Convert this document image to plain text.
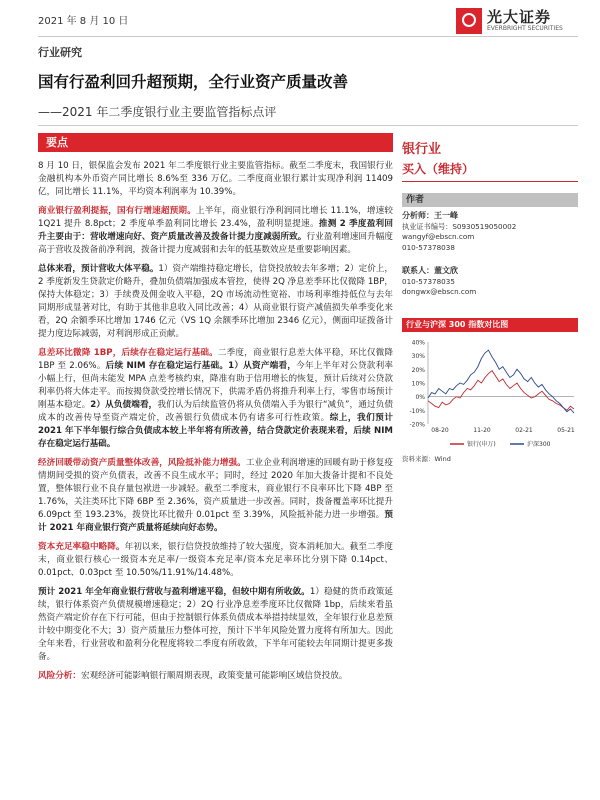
2021 年 8 月 10 日	光大证券
EVERBRIGHT SECURITIES
行业研究
国有行盈利回升超预期，全行业资产质量改善
——2021 年二季度银行业主要监管指标点评
要点

8 月 10 日，银保监会发布 2021 年二季度银行业主要监管指标。截至二季度末，我国银行业金融机构本外币资产同比增长 8.6%至 336 万亿。二季度商业银行累计实现净利润 11409 亿，同比增长 11.1%，平均资本利润率为 10.39%。

商业银行盈利提振，国有行增速超预期。上半年，商业银行净利润同比增长 11.1%，增速较 1Q21 提升 8.8pct；2 季度单季盈利同比增长 23.4%，盈利明显提速。推测 2 季度盈利回升主要由于：营收增速向好、资产质量改善及拨备计提力度减弱所致。行业盈利增速回升幅度高于营收及拨备前净利润，拨备计提力度减弱和去年的低基数效应是重要影响因素。

总体来看，预计营收大体平稳。1）资产端维持稳定增长，信贷投放较去年多增；2）定价上，2 季度新发生贷款定价略升，叠加负债端加强成本管控，使得 2Q 净息差季环比仅微降 1BP，保持大体稳定；3）手续费及佣金收入平稳，2Q 市场流动性宽裕、市场利率维持低位与去年同期形成显著对比，有助于其他非息收入同比改善；4）从商业银行资产减值损失单季变化来看，2Q 余额季环比增加 1746 亿元（VS 1Q 余额季环比增加 2346 亿元），侧面印证拨备计提力度边际减弱，对利润形成正贡献。

息差环比微降 1BP，后续存在稳定运行基础。二季度，商业银行息差大体平稳，环比仅微降 1BP 至 2.06%。后续 NIM 存在稳定运行基础。1）从资产端看，今年上半年对公贷款利率小幅上行，但尚未能发 MPA 点差考核约束，降准有助于信用增长的恢复，预计后续对公贷款利率仍将大体走平。而按揭贷款受控增长情况下，供需矛盾仍将推升利率上行，零售市场预计刚基本稳定。2）从负债端看，我们认为后续监管仍将从负债端入手为银行“减负”，通过负债成本的改善传导至资产端定价，改善银行负债成本仍有诸多可行性政策。综上，我们预计 2021 年下半年银行综合负债成本较上半年将有所改善，结合贷款定价表现来看，后续 NIM 存在稳定运行基础。

经济回暖带动资产质量整体改善，风险抵补能力增强。工业企业利润增速的回暖有助于修复疫情期间受损的资产负债表，改善不良生成水平；同时，经过 2020 年加大拨备计提和不良处置，整体银行业不良存量包袱进一步减轻。截至二季度末，商业银行不良率环比下降 4BP 至 1.76%，关注类环比下降 6BP 至 2.36%，资产质量进一步改善。同时，拨备覆盖率环比提升 6.09pct 至 193.23%，拨贷比环比微升 0.01pct 至 3.39%，风险抵补能力进一步增强。预计 2021 年商业银行资产质量将延续向好态势。

资本充足率稳中略降。年初以来，银行信贷投放维持了较大强度，资本消耗加大。截至二季度末，商业银行核心一级资本充足率/一级资本充足率/资本充足率环比分别下降 0.14pct、0.01pct、0.03pct 至 10.50%/11.91%/14.48%。

预计 2021 年全年商业银行营收与盈利增速平稳，但较中期有所收敛。1）稳健的货币政策延续，银行体系资产负债规模增速稳定；2）2Q 行业净息差季度环比仅微降 1bp，后续来看虽然资产端定价存在下行可能，但由于控制银行体系负债成本举措持续显效，全年银行业息差预计较中期变化不大；3）资产质量压力整体可控，预计下半年风险处置力度将有所加大。因此全年来看，行业营收和盈利分化程度将较二季度有所收敛，下半年可能较去年同期计提更多拨备。

风险分析：宏观经济可能影响银行顺周期表现，政策变量可能影响区域信贷投放。

银行业
买入（维持）
作者
分析师：王一峰
执业证书编号：S0930519050002
wangyf@ebscn.com
010-57378038
联系人：董文欣
010-57378035
dongwx@ebscn.com
行业与沪深 300 指数对比图
-20%
-10%
0%
10%
20%
30%
40%
08-20	11-20	02-21	05-21
银行(申万)	沪深300
资料来源：Wind
